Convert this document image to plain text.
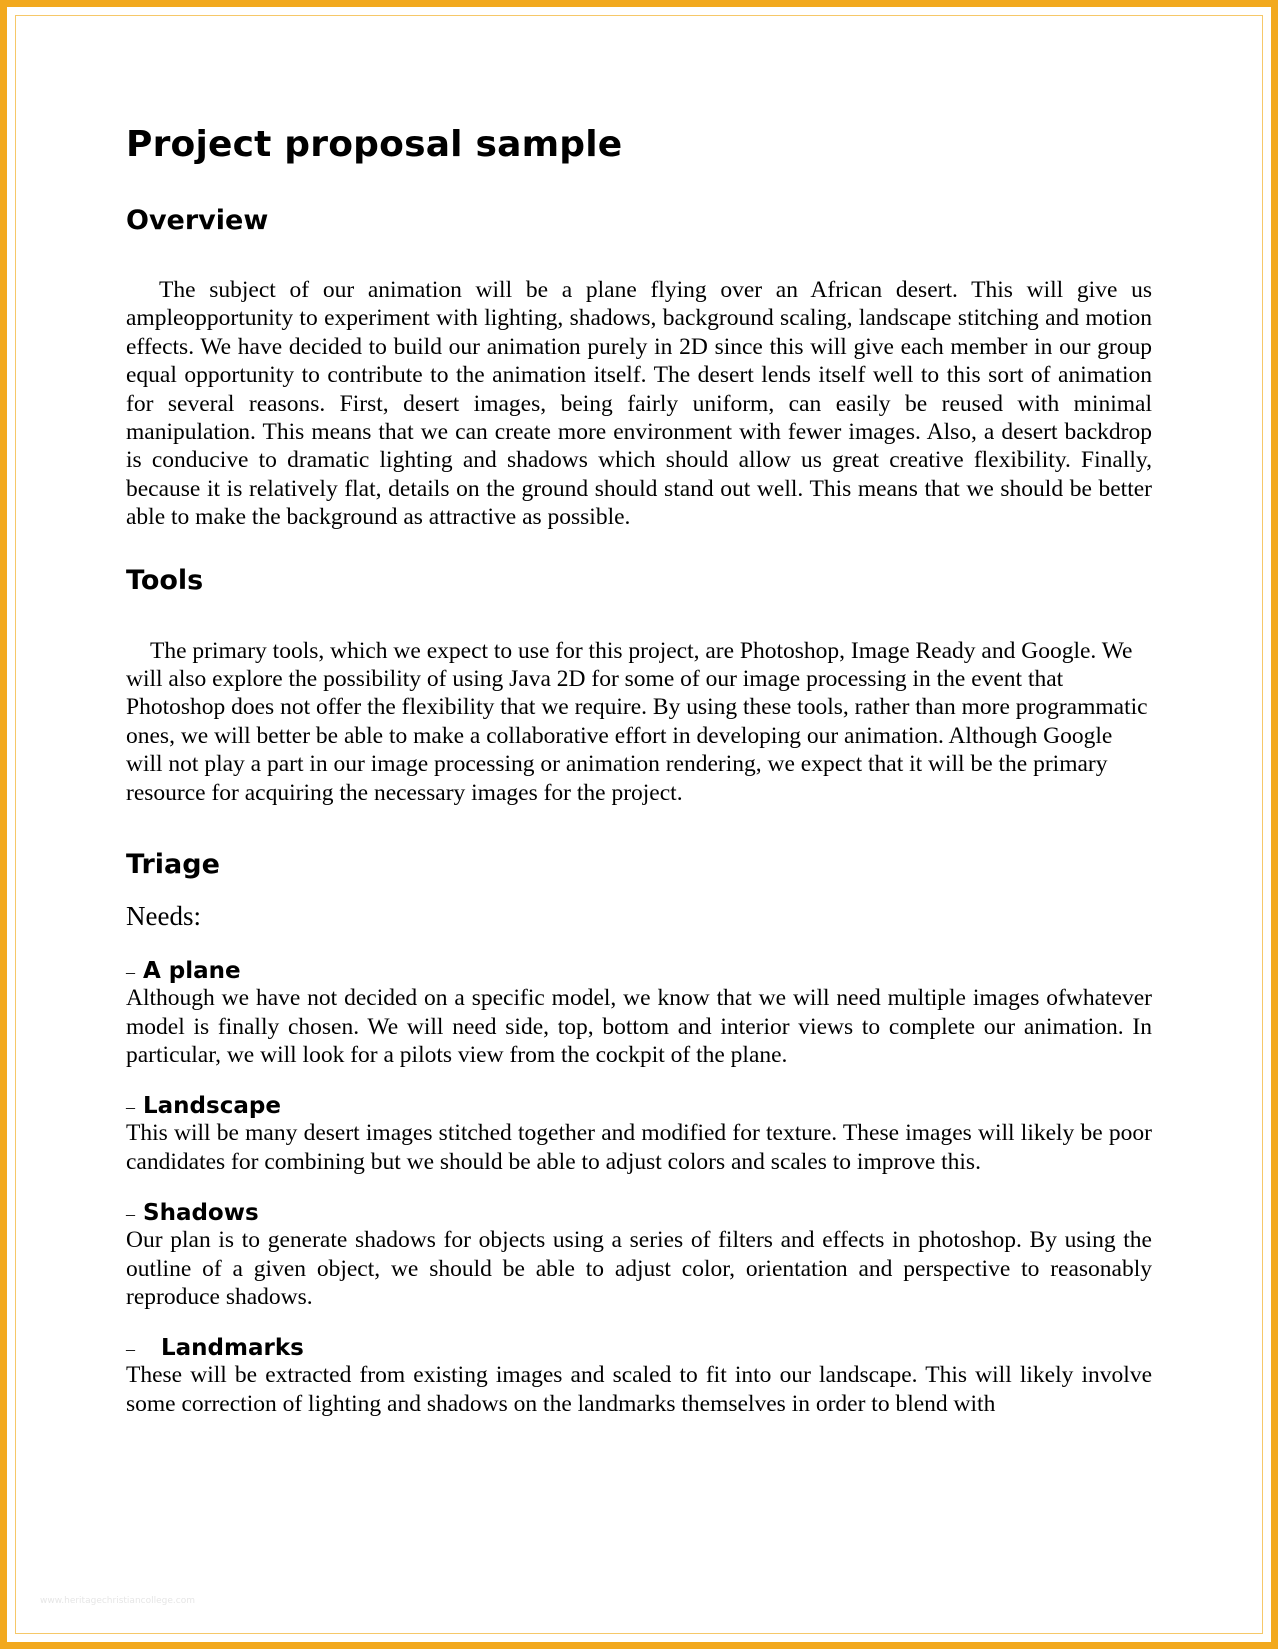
Project proposal sample
Overview

The subject of our animation will be a plane flying over an African desert. This will give us ampleopportunity to experiment with lighting, shadows, background scaling, landscape stitching and motion effects. We have decided to build our animation purely in 2D since this will give each member in our group equal opportunity to contribute to the animation itself. The desert lends itself well to this sort of animation for several reasons. First, desert images, being fairly uniform, can easily be reused with minimal manipulation. This means that we can create more environment with fewer images. Also, a desert backdrop is conducive to dramatic lighting and shadows which should allow us great creative flexibility. Finally, because it is relatively flat, details on the ground should stand out well. This means that we should be better able to make the background as attractive as possible.

Tools

The primary tools, which we expect to use for this project, are Photoshop, Image Ready and Google. We will also explore the possibility of using Java 2D for some of our image processing in the event that Photoshop does not offer the flexibility that we require. By using these tools, rather than more programmatic ones, we will better be able to make a collaborative effort in developing our animation. Although Google will not play a part in our image processing or animation rendering, we expect that it will be the primary resource for acquiring the necessary images for the project.

Triage

Needs:

– A plane

Although we have not decided on a specific model, we know that we will need multiple images ofwhatever model is finally chosen. We will need side, top, bottom and interior views to complete our animation. In particular, we will look for a pilots view from the cockpit of the plane.

– Landscape

This will be many desert images stitched together and modified for texture. These images will likely be poor candidates for combining but we should be able to adjust colors and scales to improve this.

– Shadows

Our plan is to generate shadows for objects using a series of filters and effects in photoshop. By using the outline of a given object, we should be able to adjust color, orientation and perspective to reasonably reproduce shadows.

– Landmarks

These will be extracted from existing images and scaled to fit into our landscape. This will likely involve some correction of lighting and shadows on the landmarks themselves in order to blend with

www.heritagechristiancollege.com
